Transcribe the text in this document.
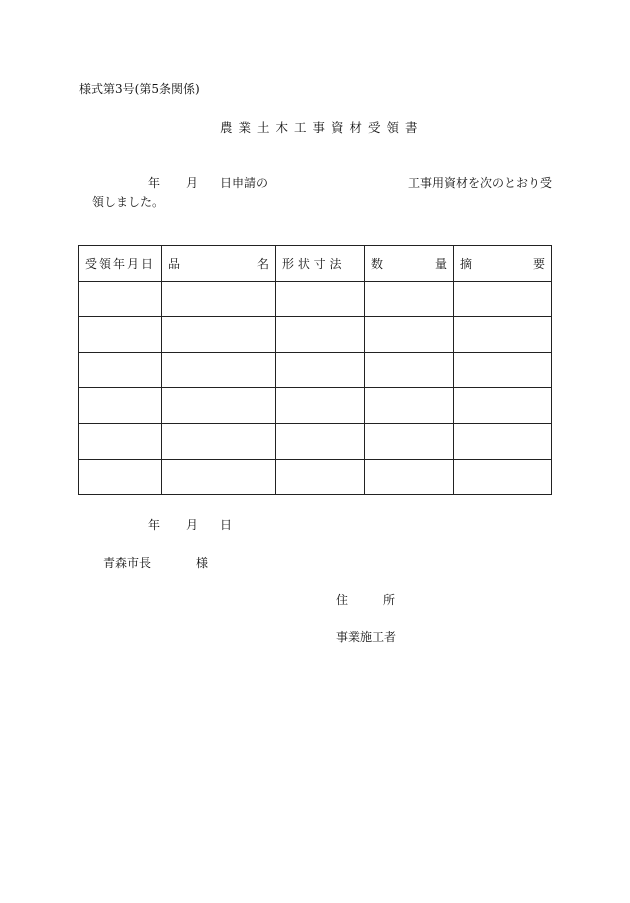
様式第3号(第5条関係)
農業土木工事資材受領書
年 月 日申請の	工事用資材を次のとおり受
領しました。
受領年月日	品 名	形 状 寸 法	数 量	摘 要

年 月 日
青森市長	様
住	所
事業施工者
